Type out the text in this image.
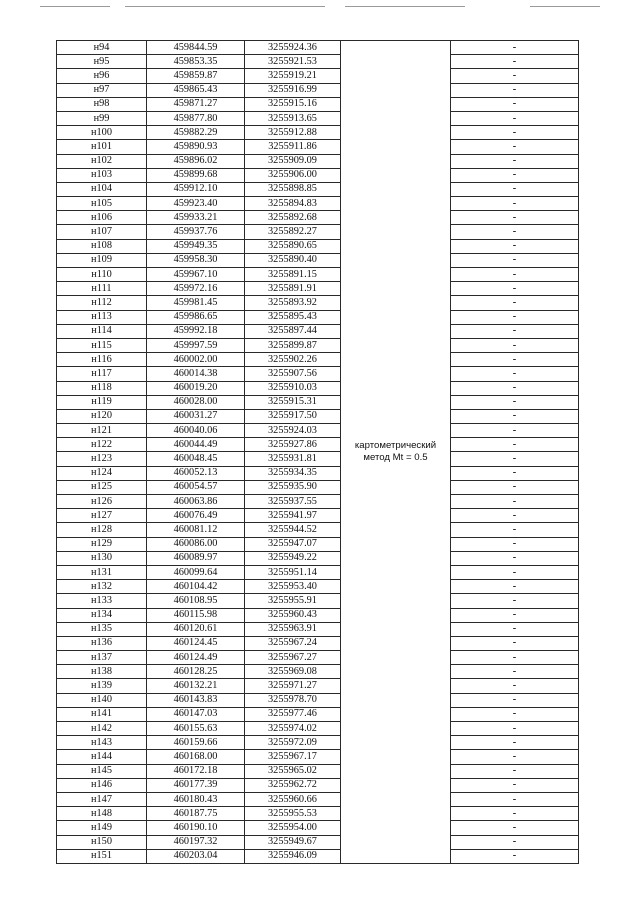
н94	459844.59	3255924.36	картометрический метод Mt = 0.5	-
н95	459853.35	3255921.53		-
н96	459859.87	3255919.21		-
н97	459865.43	3255916.99		-
н98	459871.27	3255915.16		-
н99	459877.80	3255913.65		-
н100	459882.29	3255912.88		-
н101	459890.93	3255911.86		-
н102	459896.02	3255909.09		-
н103	459899.68	3255906.00		-
н104	459912.10	3255898.85		-
н105	459923.40	3255894.83		-
н106	459933.21	3255892.68		-
н107	459937.76	3255892.27		-
н108	459949.35	3255890.65		-
н109	459958.30	3255890.40		-
н110	459967.10	3255891.15		-
н111	459972.16	3255891.91		-
н112	459981.45	3255893.92		-
н113	459986.65	3255895.43		-
н114	459992.18	3255897.44		-
н115	459997.59	3255899.87		-
н116	460002.00	3255902.26		-
н117	460014.38	3255907.56		-
н118	460019.20	3255910.03		-
н119	460028.00	3255915.31		-
н120	460031.27	3255917.50		-
н121	460040.06	3255924.03		-
н122	460044.49	3255927.86		-
н123	460048.45	3255931.81		-
н124	460052.13	3255934.35		-
н125	460054.57	3255935.90		-
н126	460063.86	3255937.55		-
н127	460076.49	3255941.97		-
н128	460081.12	3255944.52		-
н129	460086.00	3255947.07		-
н130	460089.97	3255949.22		-
н131	460099.64	3255951.14		-
н132	460104.42	3255953.40		-
н133	460108.95	3255955.91		-
н134	460115.98	3255960.43		-
н135	460120.61	3255963.91		-
н136	460124.45	3255967.24		-
н137	460124.49	3255967.27		-
н138	460128.25	3255969.08		-
н139	460132.21	3255971.27		-
н140	460143.83	3255978.70		-
н141	460147.03	3255977.46		-
н142	460155.63	3255974.02		-
н143	460159.66	3255972.09		-
н144	460168.00	3255967.17		-
н145	460172.18	3255965.02		-
н146	460177.39	3255962.72		-
н147	460180.43	3255960.66		-
н148	460187.75	3255955.53		-
н149	460190.10	3255954.00		-
н150	460197.32	3255949.67		-
н151	460203.04	3255946.09		-
